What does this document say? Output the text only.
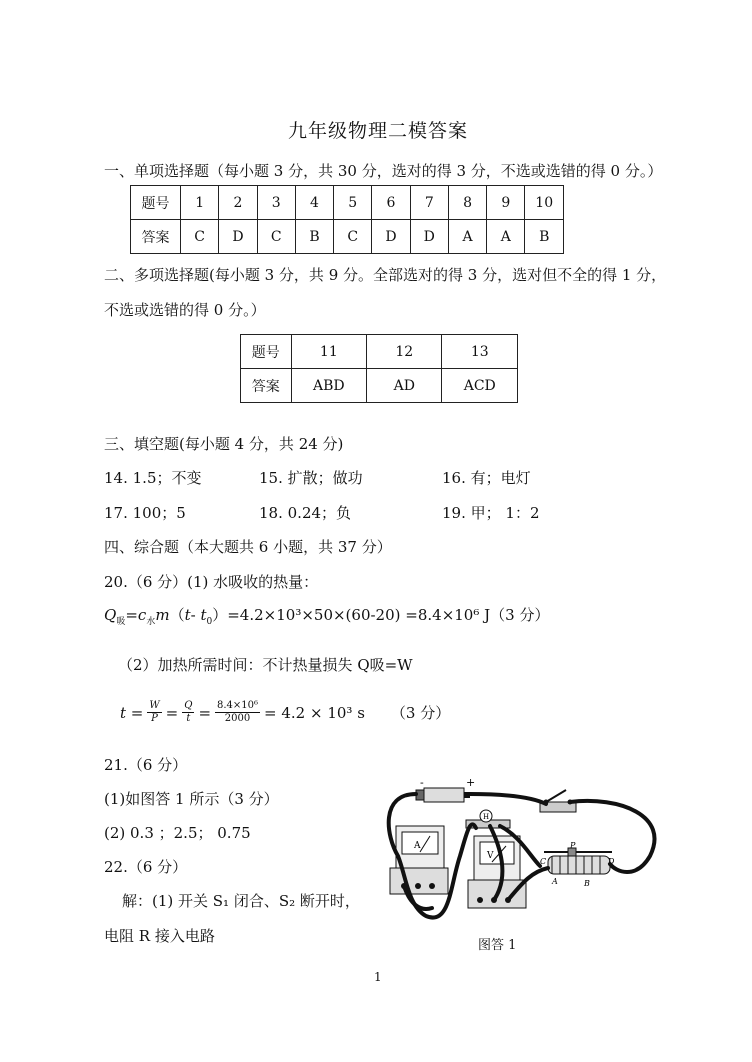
九年级物理二模答案
一、单项选择题（每小题 3 分，共 30 分，选对的得 3 分，不选或选错的得 0 分。）
题号	1	2	3	4	5	6	7	8	9	10
答案	C	D	C	B	C	D	D	A	A	B
二、多项选择题(每小题 3 分，共 9 分。全部选对的得 3 分，选对但不全的得 1 分，
不选或选错的得 0 分。）
题号	11	12	13
答案	ABD	AD	ACD
三、填空题(每小题 4 分，共 24 分)
14. 1.5；不变	15. 扩散；做功	16. 有；电灯
17. 100；5	18. 0.24；负	19. 甲； 1：2
四、综合题（本大题共 6 小题，共 37 分）
20.（6 分）(1) 水吸收的热量：
$Q_吸=c_水m(t-$ $t_0)=4.2\times 10^3\times 50\times(60-20) =8.4\times 10^6$ J（3 分）
（2）加热所需时间：不计热量损失 Q吸=W
$t = \frac{W}{P} = \frac{Q}{t} = \frac{\text{8.4×10⁶}}{2000} = 4.2 \times 10^3$ s （3 分）
21.（6 分）
(1)如图答 1 所示（3 分）
(2) 0.3 ；2.5； 0.75
22.（6 分）
解：(1) 开关 S₁ 闭合、S₂ 断开时，
电阻 R 接入电路
-	+
A
V
H
C
P
D
A	B
图答 1
1
